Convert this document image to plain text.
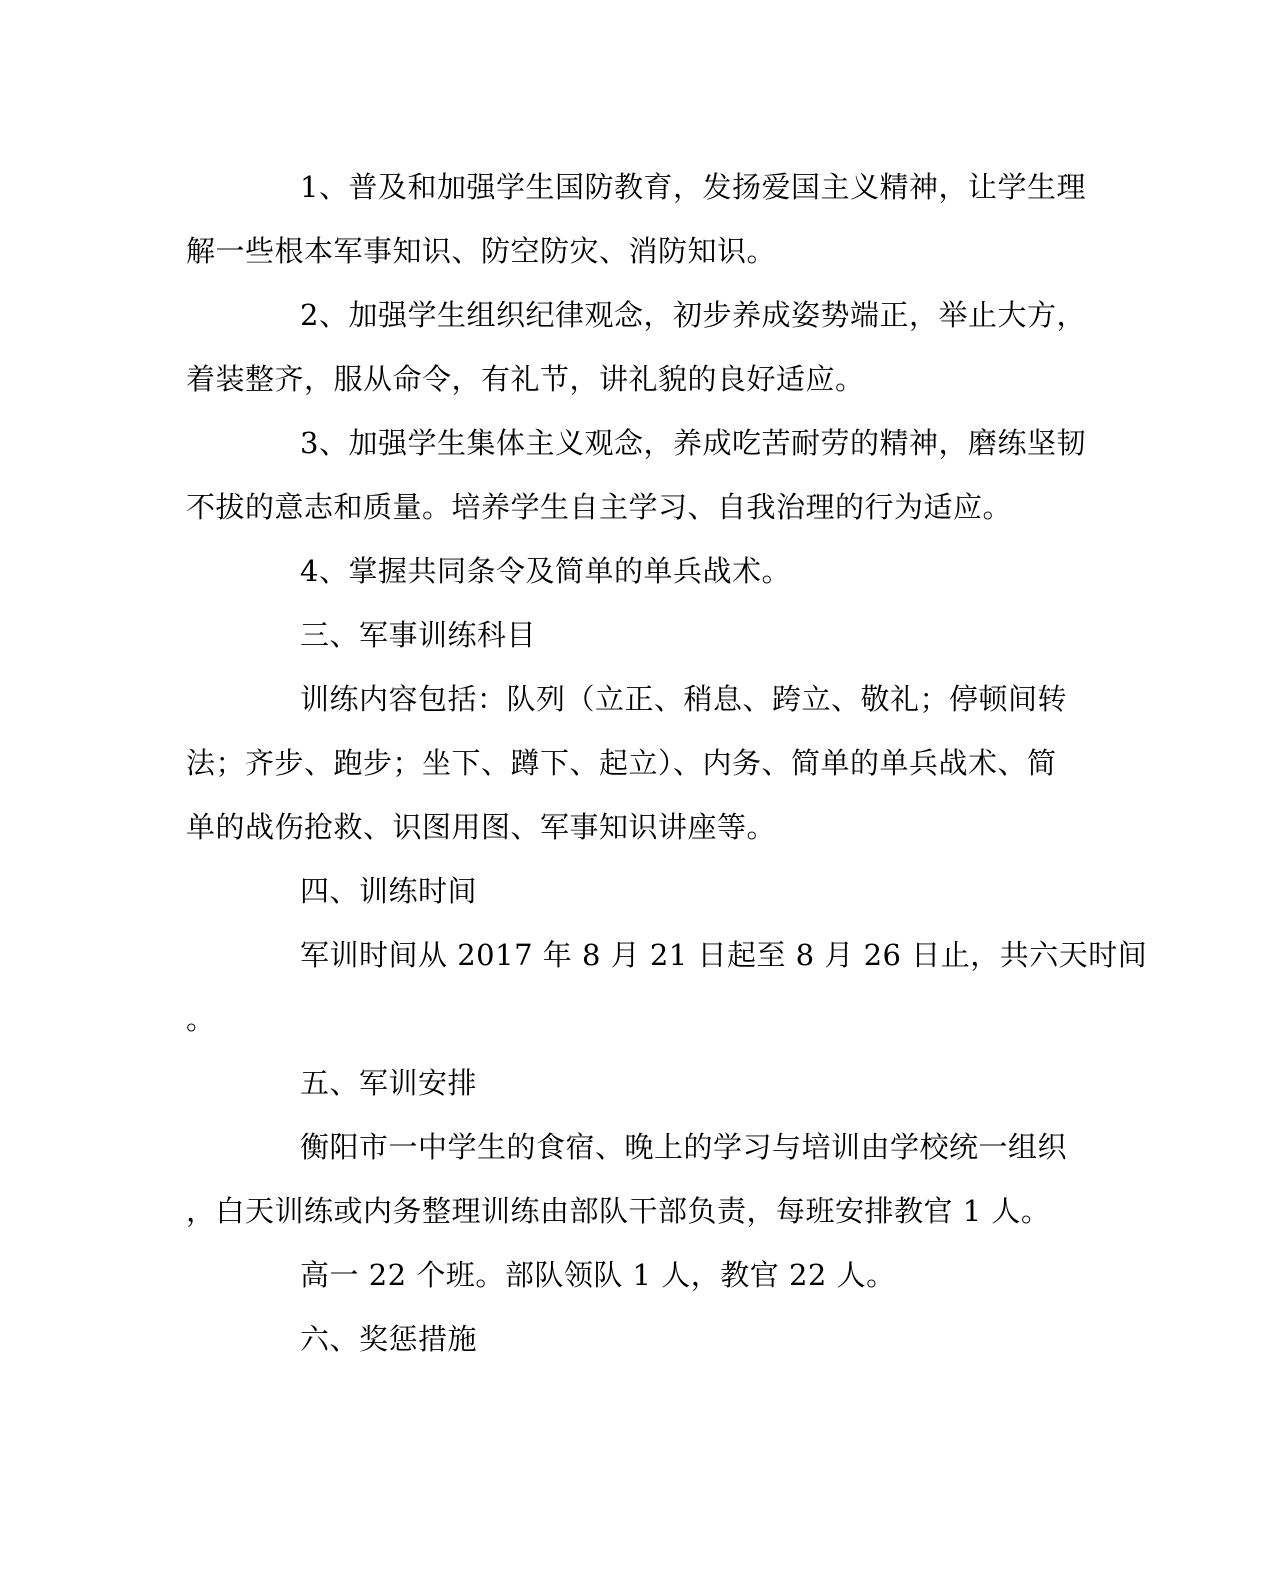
1、普及和加强学生国防教育，发扬爱国主义精神，让学生理
解一些根本军事知识、防空防灾、消防知识。
2、加强学生组织纪律观念，初步养成姿势端正，举止大方，
着装整齐，服从命令，有礼节，讲礼貌的良好适应。
3、加强学生集体主义观念，养成吃苦耐劳的精神，磨练坚韧
不拔的意志和质量。培养学生自主学习、自我治理的行为适应。
4、掌握共同条令及简单的单兵战术。
三、军事训练科目
训练内容包括：队列（立正、稍息、跨立、敬礼；停顿间转
法；齐步、跑步；坐下、蹲下、起立）、内务、简单的单兵战术、简
单的战伤抢救、识图用图、军事知识讲座等。
四、训练时间
军训时间从 2017 年 8 月 21 日起至 8 月 26 日止，共六天时间
。
五、军训安排
衡阳市一中学生的食宿、晚上的学习与培训由学校统一组织
，白天训练或内务整理训练由部队干部负责，每班安排教官 1 人。
高一 22 个班。部队领队 1 人，教官 22 人。
六、奖惩措施
